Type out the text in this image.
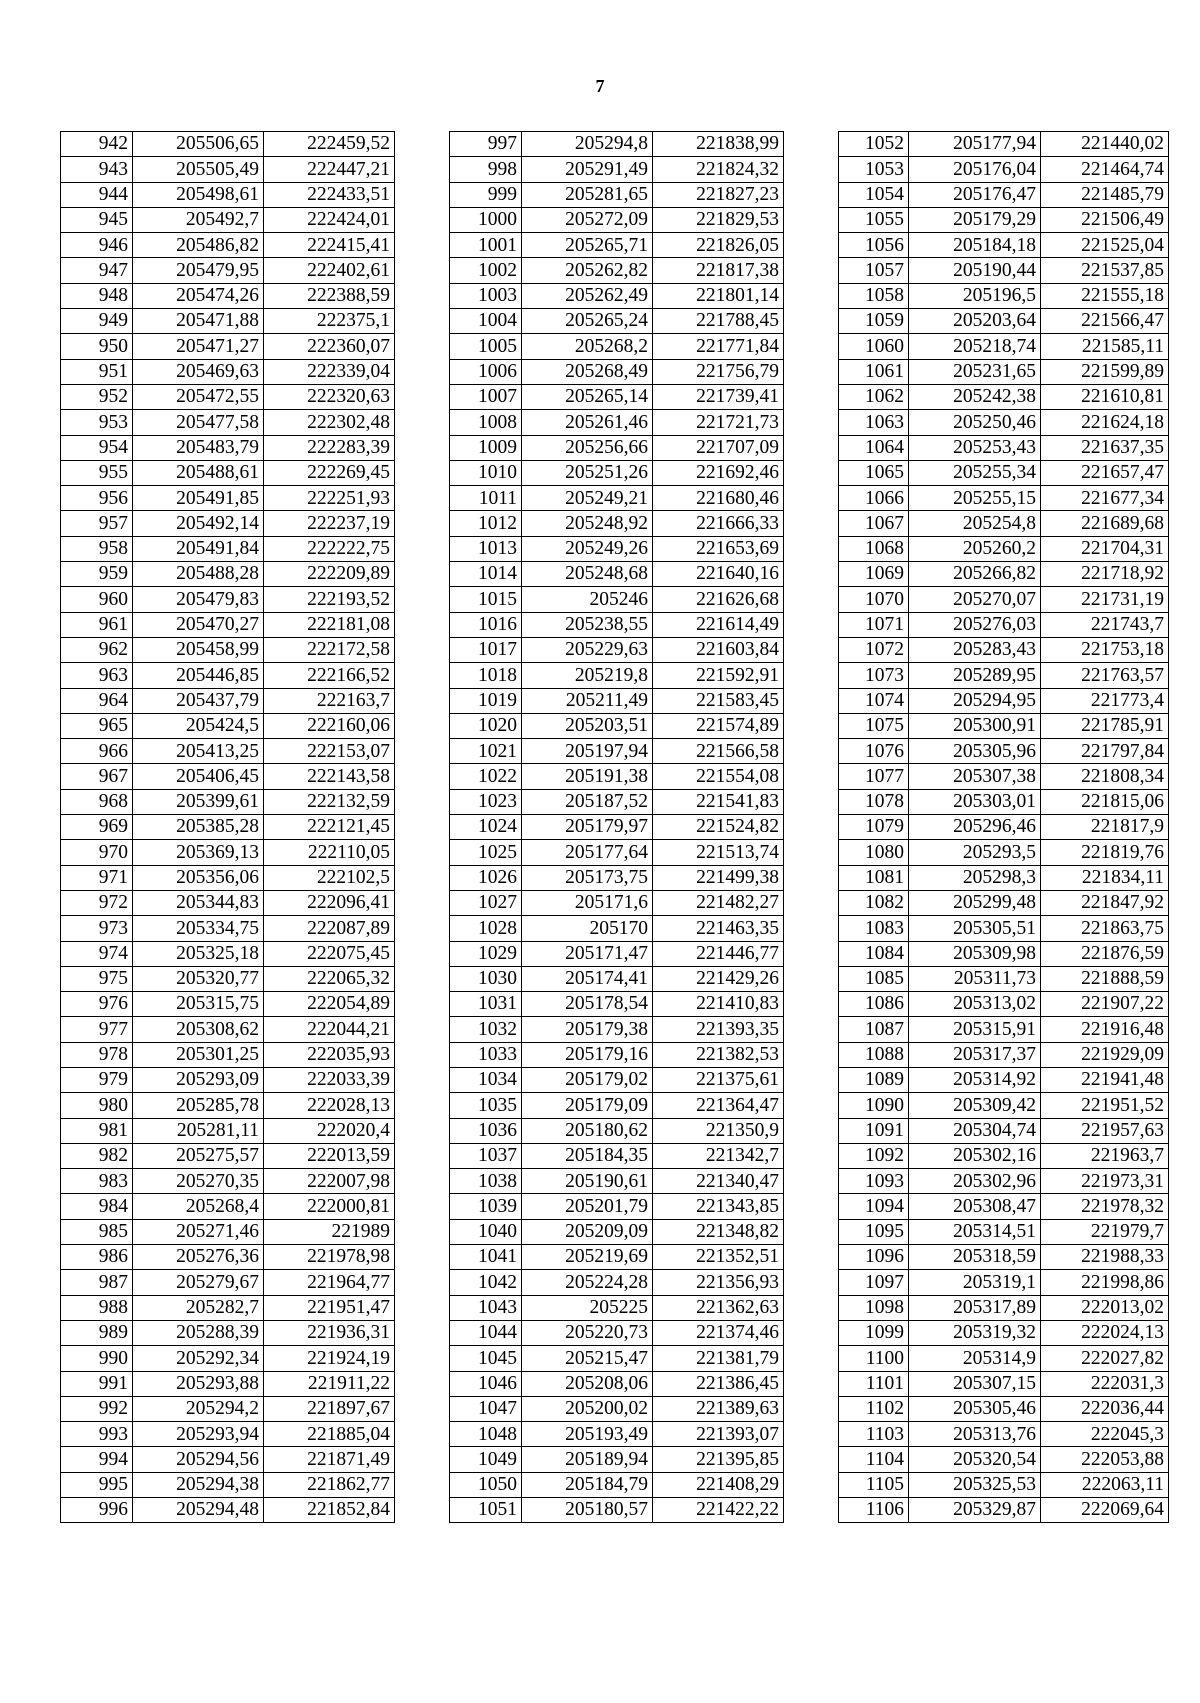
7
942	205506,65	222459,52
943	205505,49	222447,21
944	205498,61	222433,51
945	205492,7	222424,01
946	205486,82	222415,41
947	205479,95	222402,61
948	205474,26	222388,59
949	205471,88	222375,1
950	205471,27	222360,07
951	205469,63	222339,04
952	205472,55	222320,63
953	205477,58	222302,48
954	205483,79	222283,39
955	205488,61	222269,45
956	205491,85	222251,93
957	205492,14	222237,19
958	205491,84	222222,75
959	205488,28	222209,89
960	205479,83	222193,52
961	205470,27	222181,08
962	205458,99	222172,58
963	205446,85	222166,52
964	205437,79	222163,7
965	205424,5	222160,06
966	205413,25	222153,07
967	205406,45	222143,58
968	205399,61	222132,59
969	205385,28	222121,45
970	205369,13	222110,05
971	205356,06	222102,5
972	205344,83	222096,41
973	205334,75	222087,89
974	205325,18	222075,45
975	205320,77	222065,32
976	205315,75	222054,89
977	205308,62	222044,21
978	205301,25	222035,93
979	205293,09	222033,39
980	205285,78	222028,13
981	205281,11	222020,4
982	205275,57	222013,59
983	205270,35	222007,98
984	205268,4	222000,81
985	205271,46	221989
986	205276,36	221978,98
987	205279,67	221964,77
988	205282,7	221951,47
989	205288,39	221936,31
990	205292,34	221924,19
991	205293,88	221911,22
992	205294,2	221897,67
993	205293,94	221885,04
994	205294,56	221871,49
995	205294,38	221862,77
996	205294,48	221852,84
997	205294,8	221838,99
998	205291,49	221824,32
999	205281,65	221827,23
1000	205272,09	221829,53
1001	205265,71	221826,05
1002	205262,82	221817,38
1003	205262,49	221801,14
1004	205265,24	221788,45
1005	205268,2	221771,84
1006	205268,49	221756,79
1007	205265,14	221739,41
1008	205261,46	221721,73
1009	205256,66	221707,09
1010	205251,26	221692,46
1011	205249,21	221680,46
1012	205248,92	221666,33
1013	205249,26	221653,69
1014	205248,68	221640,16
1015	205246	221626,68
1016	205238,55	221614,49
1017	205229,63	221603,84
1018	205219,8	221592,91
1019	205211,49	221583,45
1020	205203,51	221574,89
1021	205197,94	221566,58
1022	205191,38	221554,08
1023	205187,52	221541,83
1024	205179,97	221524,82
1025	205177,64	221513,74
1026	205173,75	221499,38
1027	205171,6	221482,27
1028	205170	221463,35
1029	205171,47	221446,77
1030	205174,41	221429,26
1031	205178,54	221410,83
1032	205179,38	221393,35
1033	205179,16	221382,53
1034	205179,02	221375,61
1035	205179,09	221364,47
1036	205180,62	221350,9
1037	205184,35	221342,7
1038	205190,61	221340,47
1039	205201,79	221343,85
1040	205209,09	221348,82
1041	205219,69	221352,51
1042	205224,28	221356,93
1043	205225	221362,63
1044	205220,73	221374,46
1045	205215,47	221381,79
1046	205208,06	221386,45
1047	205200,02	221389,63
1048	205193,49	221393,07
1049	205189,94	221395,85
1050	205184,79	221408,29
1051	205180,57	221422,22
1052	205177,94	221440,02
1053	205176,04	221464,74
1054	205176,47	221485,79
1055	205179,29	221506,49
1056	205184,18	221525,04
1057	205190,44	221537,85
1058	205196,5	221555,18
1059	205203,64	221566,47
1060	205218,74	221585,11
1061	205231,65	221599,89
1062	205242,38	221610,81
1063	205250,46	221624,18
1064	205253,43	221637,35
1065	205255,34	221657,47
1066	205255,15	221677,34
1067	205254,8	221689,68
1068	205260,2	221704,31
1069	205266,82	221718,92
1070	205270,07	221731,19
1071	205276,03	221743,7
1072	205283,43	221753,18
1073	205289,95	221763,57
1074	205294,95	221773,4
1075	205300,91	221785,91
1076	205305,96	221797,84
1077	205307,38	221808,34
1078	205303,01	221815,06
1079	205296,46	221817,9
1080	205293,5	221819,76
1081	205298,3	221834,11
1082	205299,48	221847,92
1083	205305,51	221863,75
1084	205309,98	221876,59
1085	205311,73	221888,59
1086	205313,02	221907,22
1087	205315,91	221916,48
1088	205317,37	221929,09
1089	205314,92	221941,48
1090	205309,42	221951,52
1091	205304,74	221957,63
1092	205302,16	221963,7
1093	205302,96	221973,31
1094	205308,47	221978,32
1095	205314,51	221979,7
1096	205318,59	221988,33
1097	205319,1	221998,86
1098	205317,89	222013,02
1099	205319,32	222024,13
1100	205314,9	222027,82
1101	205307,15	222031,3
1102	205305,46	222036,44
1103	205313,76	222045,3
1104	205320,54	222053,88
1105	205325,53	222063,11
1106	205329,87	222069,64
